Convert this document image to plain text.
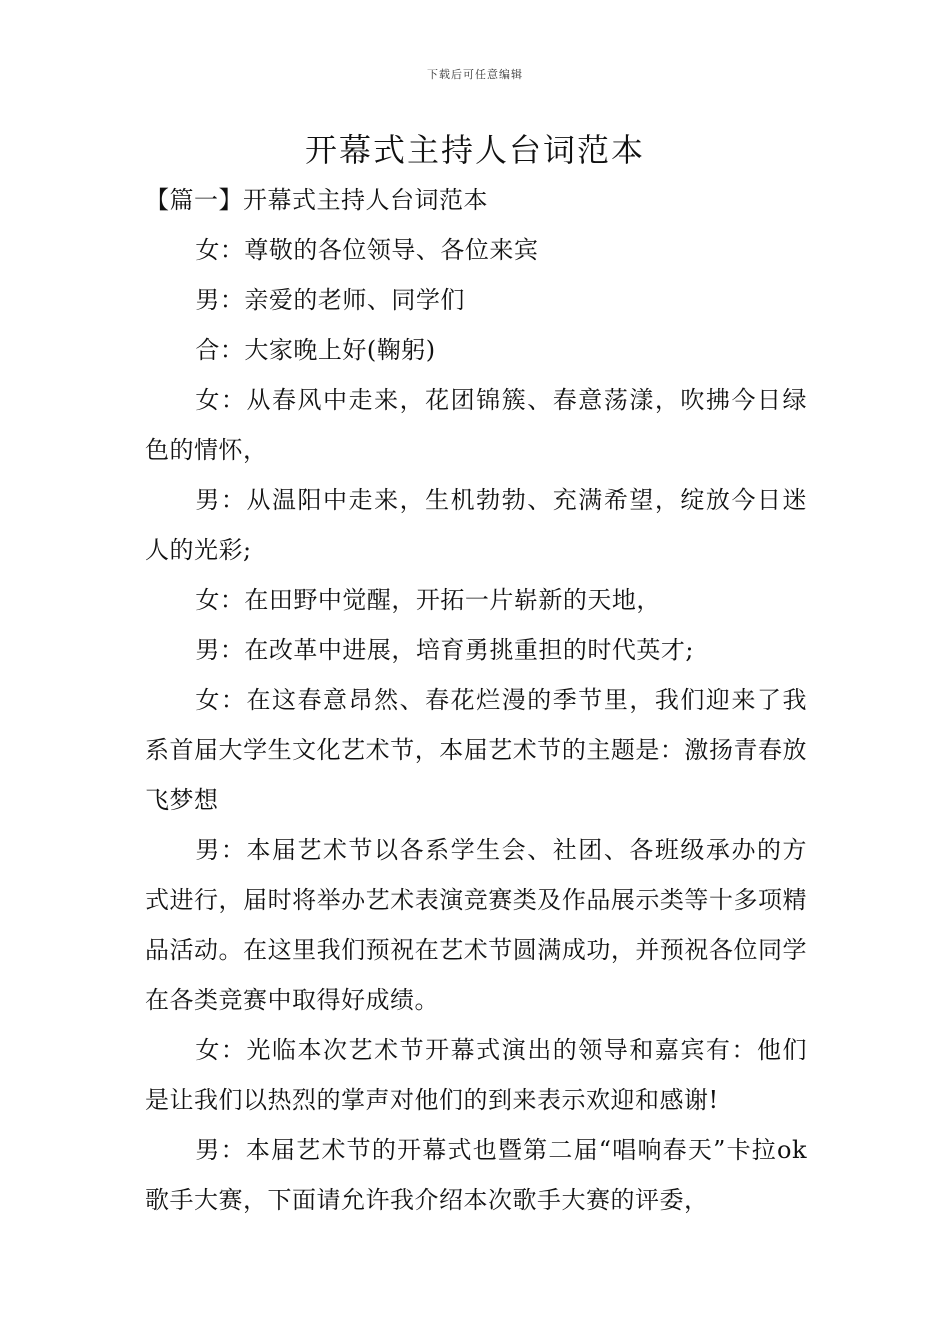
下载后可任意编辑
开幕式主持人台词范本

【篇一】开幕式主持人台词范本

女：尊敬的各位领导、各位来宾

男：亲爱的老师、同学们

合：大家晚上好(鞠躬)

女：从春风中走来，花团锦簇、春意荡漾，吹拂今日绿色的情怀，

男：从温阳中走来，生机勃勃、充满希望，绽放今日迷人的光彩;

女：在田野中觉醒，开拓一片崭新的天地，

男：在改革中进展，培育勇挑重担的时代英才;

女：在这春意昂然、春花烂漫的季节里，我们迎来了我系首届大学生文化艺术节，本届艺术节的主题是：激扬青春放飞梦想

男：本届艺术节以各系学生会、社团、各班级承办的方式进行，届时将举办艺术表演竞赛类及作品展示类等十多项精品活动。在这里我们预祝在艺术节圆满成功，并预祝各位同学在各类竞赛中取得好成绩。

女：光临本次艺术节开幕式演出的领导和嘉宾有：他们是让我们以热烈的掌声对他们的到来表示欢迎和感谢!

男：本届艺术节的开幕式也暨第二届“唱响春天”卡拉ok歌手大赛，下面请允许我介绍本次歌手大赛的评委，
